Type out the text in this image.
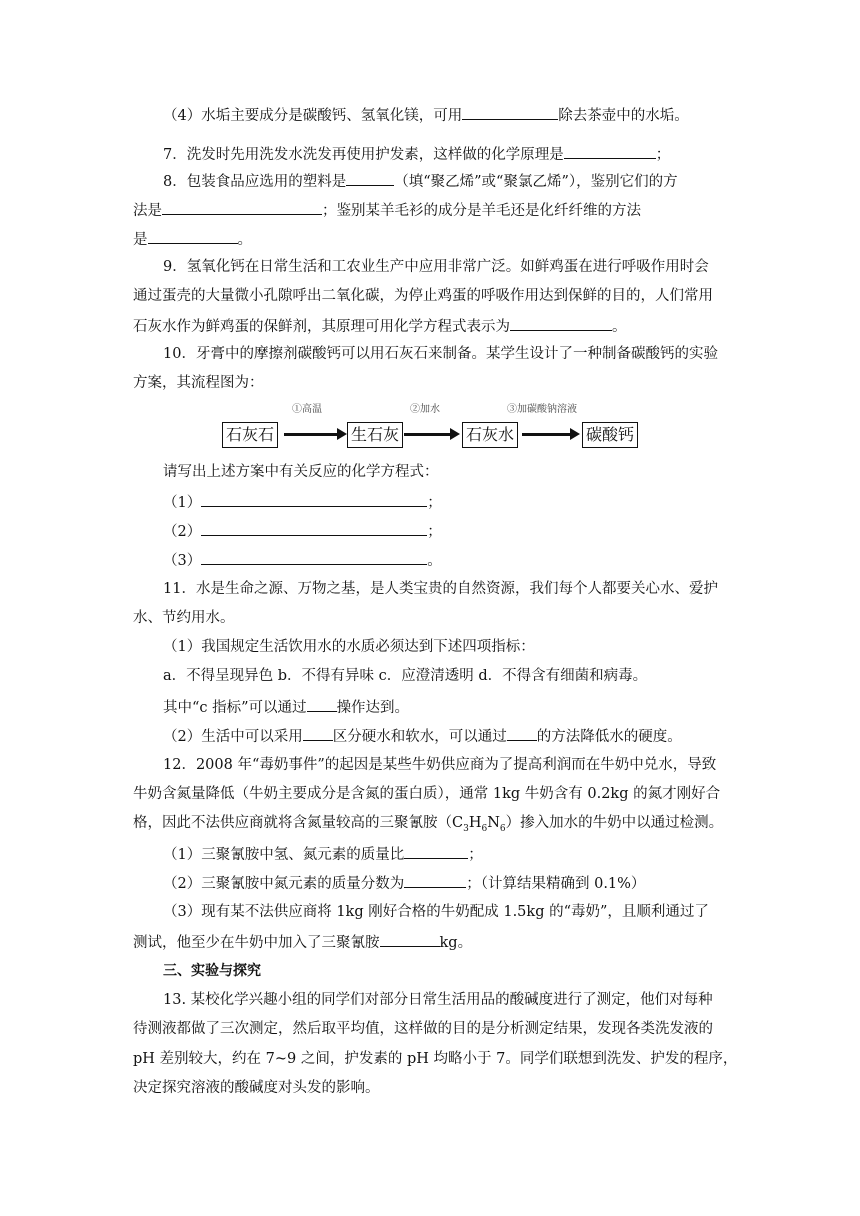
（4）水垢主要成分是碳酸钙、氢氧化镁，可用	除去茶壶中的水垢。
7．洗发时先用洗发水洗发再使用护发素，这样做的化学原理是	；
8．包装食品应选用的塑料是	（填“聚乙烯”或“聚氯乙烯”），鉴别它们的方
法是	；鉴别某羊毛衫的成分是羊毛还是化纤纤维的方法
是	。
9．氢氧化钙在日常生活和工农业生产中应用非常广泛。如鲜鸡蛋在进行呼吸作用时会
通过蛋壳的大量微小孔隙呼出二氧化碳，为停止鸡蛋的呼吸作用达到保鲜的目的，人们常用
石灰水作为鲜鸡蛋的保鲜剂，其原理可用化学方程式表示为	。
10．牙膏中的摩擦剂碳酸钙可以用石灰石来制备。某学生设计了一种制备碳酸钙的实验
方案，其流程图为：
石灰石
①高温
生石灰
②加水
石灰水
③加碳酸钠溶液
碳酸钙
请写出上述方案中有关反应的化学方程式：
（1）	；
（2）	；
（3）	。
11．水是生命之源、万物之基，是人类宝贵的自然资源，我们每个人都要关心水、爱护
水、节约用水。
（1）我国规定生活饮用水的水质必须达到下述四项指标：
a．不得呈现异色 b．不得有异味 c．应澄清透明 d．不得含有细菌和病毒。
其中“c 指标”可以通过 操作达到。
（2）生活中可以采用 区分硬水和软水，可以通过 的方法降低水的硬度。
12．2008 年“毒奶事件”的起因是某些牛奶供应商为了提高利润而在牛奶中兑水，导致
牛奶含氮量降低（牛奶主要成分是含氮的蛋白质），通常 1kg 牛奶含有 0.2kg 的氮才刚好合
格，因此不法供应商就将含氮量较高的三聚氰胺$(C_3H_6N_6)$掺入加水的牛奶中以通过检测。
（1）三聚氰胺中氢、氮元素的质量比	；
（2）三聚氰胺中氮元素的质量分数为	；（计算结果精确到 0.1%）
（3）现有某不法供应商将 1kg 刚好合格的牛奶配成 1.5kg 的“毒奶”，且顺利通过了
测试，他至少在牛奶中加入了三聚氰胺	kg。
三、实验与探究
13. 某校化学兴趣小组的同学们对部分日常生活用品的酸碱度进行了测定，他们对每种
待测液都做了三次测定，然后取平均值，这样做的目的是分析测定结果，发现各类洗发液的
pH 差别较大，约在 7~9 之间，护发素的 pH 均略小于 7。同学们联想到洗发、护发的程序，
决定探究溶液的酸碱度对头发的影响。
